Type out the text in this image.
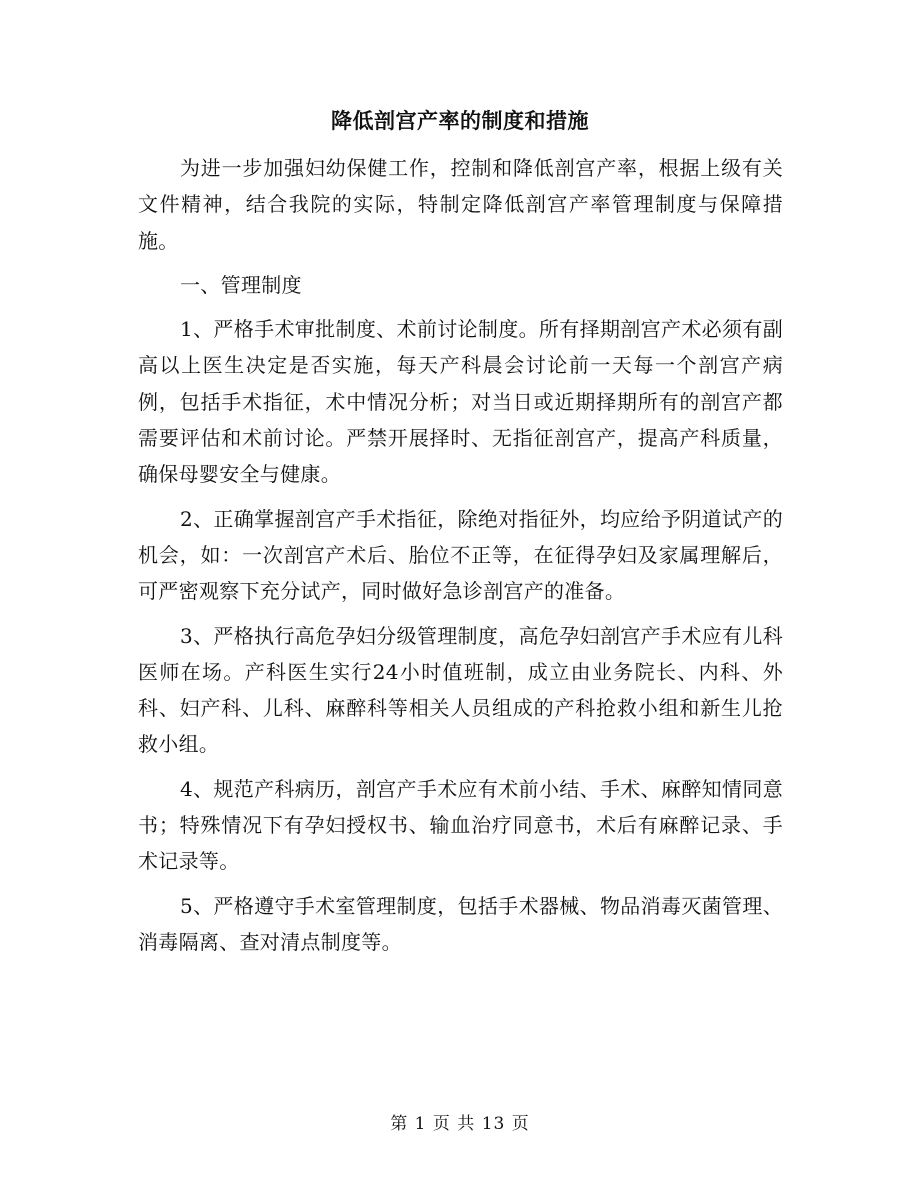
降低剖宫产率的制度和措施

为进一步加强妇幼保健工作，控制和降低剖宫产率，根据上级有关文件精神，结合我院的实际，特制定降低剖宫产率管理制度与保障措施。

一、管理制度

1、严格手术审批制度、术前讨论制度。所有择期剖宫产术必须有副高以上医生决定是否实施，每天产科晨会讨论前一天每一个剖宫产病例，包括手术指征，术中情况分析；对当日或近期择期所有的剖宫产都需要评估和术前讨论。严禁开展择时、无指征剖宫产，提高产科质量，确保母婴安全与健康。

2、正确掌握剖宫产手术指征，除绝对指征外，均应给予阴道试产的机会，如：一次剖宫产术后、胎位不正等，在征得孕妇及家属理解后，可严密观察下充分试产，同时做好急诊剖宫产的准备。

3、严格执行高危孕妇分级管理制度，高危孕妇剖宫产手术应有儿科医师在场。产科医生实行24小时值班制，成立由业务院长、内科、外科、妇产科、儿科、麻醉科等相关人员组成的产科抢救小组和新生儿抢救小组。

4、规范产科病历，剖宫产手术应有术前小结、手术、麻醉知情同意书；特殊情况下有孕妇授权书、输血治疗同意书，术后有麻醉记录、手术记录等。

5、严格遵守手术室管理制度，包括手术器械、物品消毒灭菌管理、消毒隔离、查对清点制度等。

第 1 页 共 13 页
